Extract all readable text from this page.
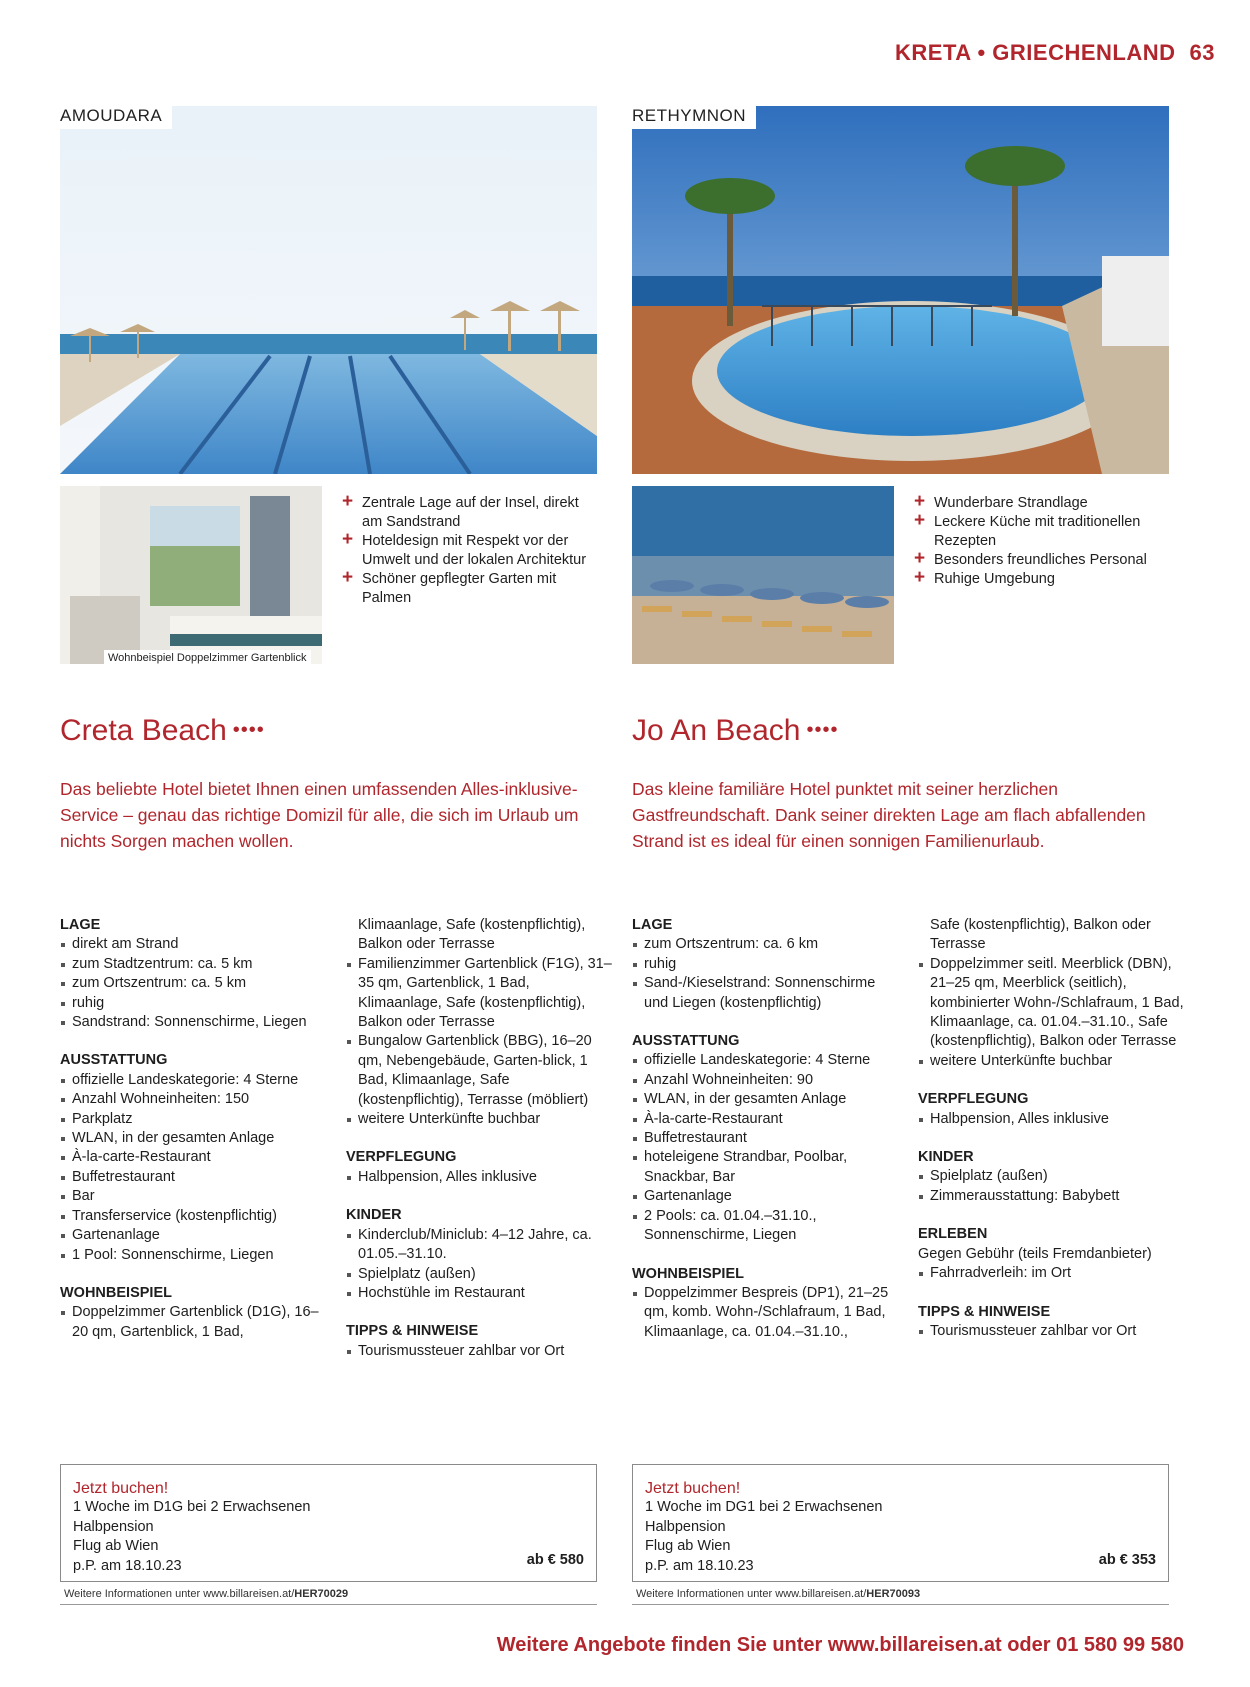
KRETA • GRIECHENLAND 63
AMOUDARA
Wohnbeispiel Doppelzimmer Gartenblick
+ Zentrale Lage auf der Insel, direkt am Sandstrand
+ Hoteldesign mit Respekt vor der Umwelt und der lokalen Architektur
+ Schöner gepflegter Garten mit Palmen
Creta Beach ••••
Das beliebte Hotel bietet Ihnen einen umfassenden Alles-inklusive-Service – genau das richtige Domizil für alle, die sich im Urlaub um nichts Sorgen machen wollen.
LAGE
direkt am Strand
zum Stadtzentrum: ca. 5 km
zum Ortszentrum: ca. 5 km
ruhig
Sandstrand: Sonnenschirme, Liegen
AUSSTATTUNG
offizielle Landeskategorie: 4 Sterne
Anzahl Wohneinheiten: 150
Parkplatz
WLAN, in der gesamten Anlage
À-la-carte-Restaurant
Buffetrestaurant
Bar
Transferservice (kostenpflichtig)
Gartenanlage
1 Pool: Sonnenschirme, Liegen
WOHNBEISPIEL
Doppelzimmer Gartenblick (D1G), 16–20 qm, Gartenblick, 1 Bad,
Klimaanlage, Safe (kostenpflichtig), Balkon oder Terrasse
Familienzimmer Gartenblick (F1G), 31–35 qm, Gartenblick, 1 Bad, Klimaanlage, Safe (kostenpflichtig), Balkon oder Terrasse
Bungalow Gartenblick (BBG), 16–20 qm, Nebengebäude, Garten-blick, 1 Bad, Klimaanlage, Safe (kostenpflichtig), Terrasse (möbliert)
weitere Unterkünfte buchbar
VERPFLEGUNG
Halbpension, Alles inklusive
KINDER
Kinderclub/Miniclub: 4–12 Jahre, ca. 01.05.–31.10.
Spielplatz (außen)
Hochstühle im Restaurant
TIPPS & HINWEISE
Tourismussteuer zahlbar vor Ort
Jetzt buchen!
1 Woche im D1G bei 2 Erwachsenen
Halbpension
Flug ab Wien
p.P. am 18.10.23	ab € 580
Weitere Informationen unter www.billareisen.at/HER70029
RETHYMNON
+ Wunderbare Strandlage
+ Leckere Küche mit traditionellen Rezepten
+ Besonders freundliches Personal
+ Ruhige Umgebung
Jo An Beach ••••
Das kleine familiäre Hotel punktet mit seiner herzlichen Gastfreundschaft. Dank seiner direkten Lage am flach abfallenden Strand ist es ideal für einen sonnigen Familienurlaub.
LAGE
zum Ortszentrum: ca. 6 km
ruhig
Sand-/Kieselstrand: Sonnenschirme und Liegen (kostenpflichtig)
AUSSTATTUNG
offizielle Landeskategorie: 4 Sterne
Anzahl Wohneinheiten: 90
WLAN, in der gesamten Anlage
À-la-carte-Restaurant
Buffetrestaurant
hoteleigene Strandbar, Poolbar, Snackbar, Bar
Gartenanlage
2 Pools: ca. 01.04.–31.10., Sonnenschirme, Liegen
WOHNBEISPIEL
Doppelzimmer Bespreis (DP1), 21–25 qm, komb. Wohn-/Schlafraum, 1 Bad, Klimaanlage, ca. 01.04.–31.10.,
Safe (kostenpflichtig), Balkon oder Terrasse
Doppelzimmer seitl. Meerblick (DBN), 21–25 qm, Meerblick (seitlich), kombinierter Wohn-/Schlafraum, 1 Bad, Klimaanlage, ca. 01.04.–31.10., Safe (kostenpflichtig), Balkon oder Terrasse
weitere Unterkünfte buchbar
VERPFLEGUNG
Halbpension, Alles inklusive
KINDER
Spielplatz (außen)
Zimmerausstattung: Babybett
ERLEBEN
Gegen Gebühr (teils Fremdanbieter)
Fahrradverleih: im Ort
TIPPS & HINWEISE
Tourismussteuer zahlbar vor Ort
Jetzt buchen!
1 Woche im DG1 bei 2 Erwachsenen
Halbpension
Flug ab Wien
p.P. am 18.10.23	ab € 353
Weitere Informationen unter www.billareisen.at/HER70093
Weitere Angebote finden Sie unter www.billareisen.at oder 01 580 99 580
